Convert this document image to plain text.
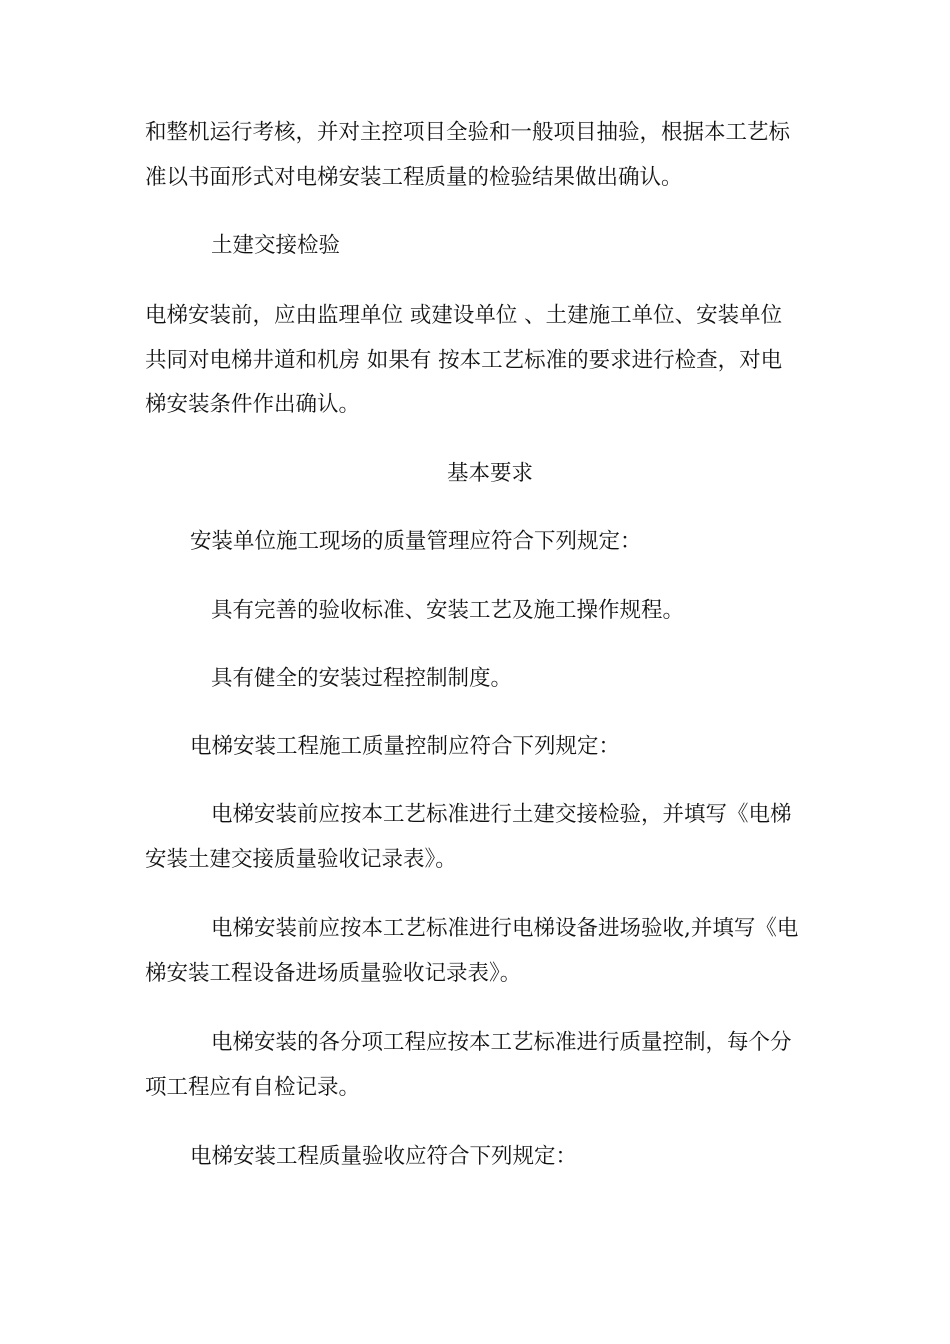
和整机运行考核，并对主控项目全验和一般项目抽验，根据本工艺标
准以书面形式对电梯安装工程质量的检验结果做出确认。
土建交接检验
电梯安装前，应由监理单位 或建设单位 、土建施工单位、安装单位
共同对电梯井道和机房 如果有 按本工艺标准的要求进行检查，对电
梯安装条件作出确认。
基本要求
安装单位施工现场的质量管理应符合下列规定：
具有完善的验收标准、安装工艺及施工操作规程。
具有健全的安装过程控制制度。
电梯安装工程施工质量控制应符合下列规定：
电梯安装前应按本工艺标准进行土建交接检验，并填写《电梯
安装土建交接质量验收记录表》。
电梯安装前应按本工艺标准进行电梯设备进场验收,并填写《电
梯安装工程设备进场质量验收记录表》。
电梯安装的各分项工程应按本工艺标准进行质量控制，每个分
项工程应有自检记录。
电梯安装工程质量验收应符合下列规定：
